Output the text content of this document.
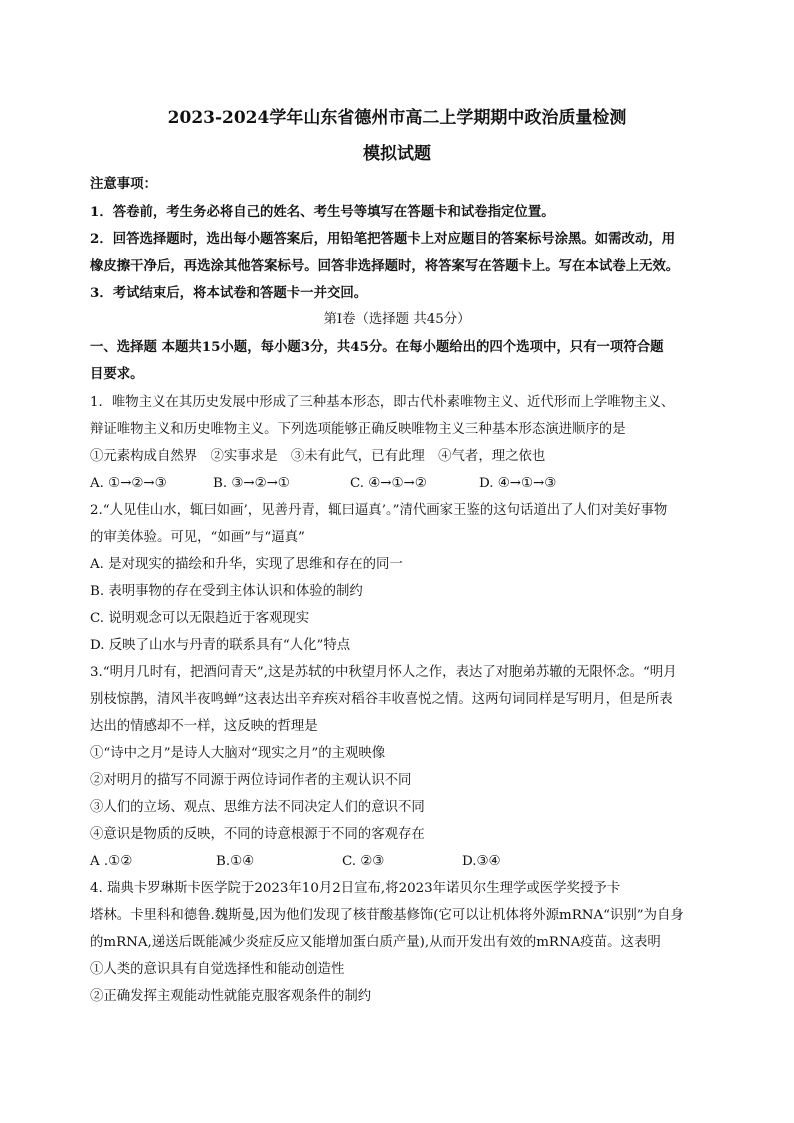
2023-2024学年山东省德州市高二上学期期中政治质量检测
模拟试题
注意事项：
1．答卷前，考生务必将自己的姓名、考生号等填写在答题卡和试卷指定位置。
2．回答选择题时，选出每小题答案后，用铅笔把答题卡上对应题目的答案标号涂黑。如需改动，用
橡皮擦干净后，再选涂其他答案标号。回答非选择题时，将答案写在答题卡上。写在本试卷上无效。
3．考试结束后，将本试卷和答题卡一并交回。
第I卷（选择题 共45分）
一、选择题 本题共15小题，每小题3分，共45分。在每小题给出的四个选项中，只有一项符合题
目要求。
1．唯物主义在其历史发展中形成了三种基本形态，即古代朴素唯物主义、近代形而上学唯物主义、
辩证唯物主义和历史唯物主义。下列选项能够正确反映唯物主义三种基本形态演进顺序的是
①元素构成自然界　②实事求是　③未有此气，已有此理　④气者，理之依也
A. ①→②→③	B. ③→②→①	C. ④→①→②	D. ④→①→③
2.“人见佳山水，辄曰如画’，见善丹青，辄曰逼真’。”清代画家王鉴的这句话道出了人们对美好事物
的审美体验。可见，“如画”与“逼真”
A. 是对现实的描绘和升华，实现了思维和存在的同一
B. 表明事物的存在受到主体认识和体验的制约
C. 说明观念可以无限趋近于客观现实
D. 反映了山水与丹青的联系具有“人化”特点
3.“明月几时有，把酒问青天”,这是苏轼的中秋望月怀人之作，表达了对胞弟苏辙的无限怀念。“明月
别枝惊鹊，清风半夜鸣蝉”这表达出辛弃疾对稻谷丰收喜悦之情。这两句词同样是写明月，但是所表
达出的情感却不一样，这反映的哲理是
①“诗中之月”是诗人大脑对“现实之月”的主观映像
②对明月的描写不同源于两位诗词作者的主观认识不同
③人们的立场、观点、思维方法不同决定人们的意识不同
④意识是物质的反映，不同的诗意根源于不同的客观存在
A .①②	B.①④	C. ②③	D.③④
4. 瑞典卡罗琳斯卡医学院于2023年10月2日宣布,将2023年诺贝尔生理学或医学奖授予卡
塔林。卡里科和德鲁.魏斯曼,因为他们发现了核苷酸基修饰(它可以让机体将外源mRNA“识别”为自身
的mRNA,递送后既能减少炎症反应又能增加蛋白质产量),从而开发出有效的mRNA疫苗。这表明
①人类的意识具有自觉选择性和能动创造性
②正确发挥主观能动性就能克服客观条件的制约
